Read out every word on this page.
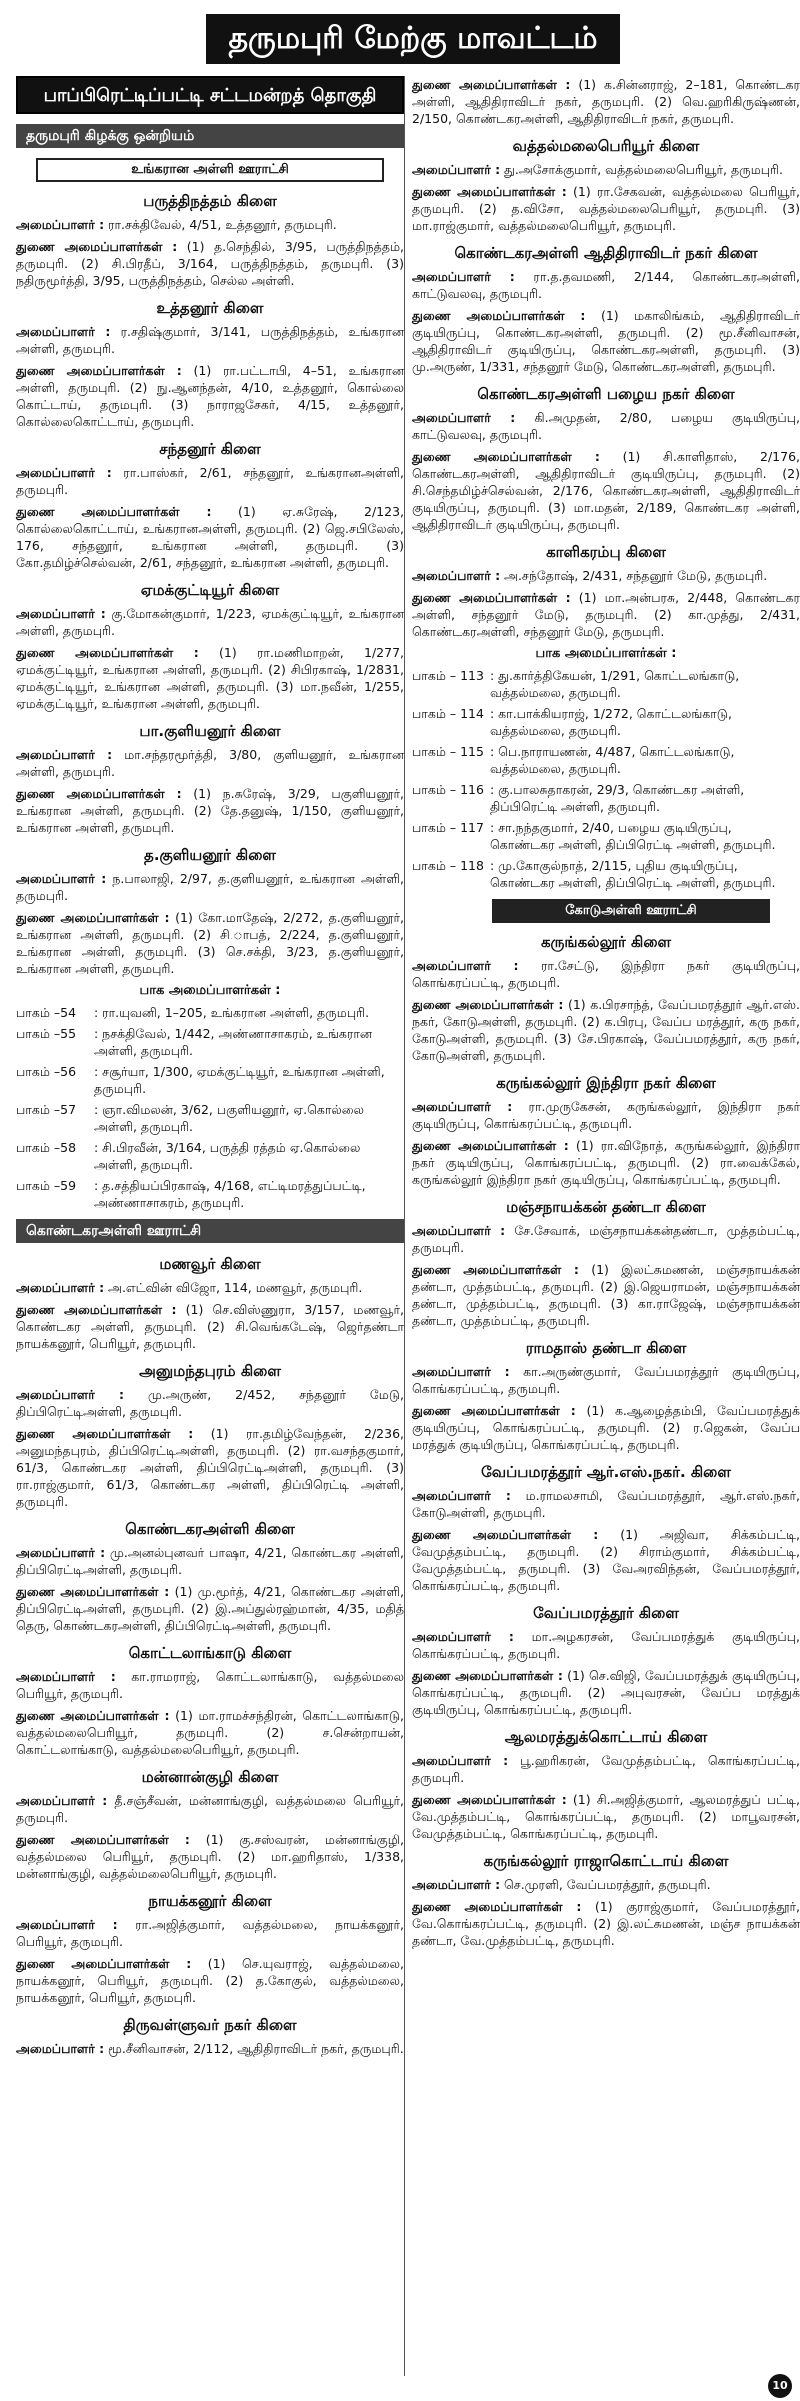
தருமபுரி மேற்கு மாவட்டம்
பாப்பிரெட்டிப்பட்டி சட்டமன்றத் தொகுதி
தருமபுரி கிழக்கு ஒன்றியம்
உங்கரான அள்ளி ஊராட்சி
பருத்திநத்தம் கிளை
அமைப்பாளர் : ரா.சக்திவேல், 4/51, உத்தனூர், தருமபுரி.
துணை அமைப்பாளர்கள் : (1) த.செந்தில், 3/95, பருத்திநத்தம், தருமபுரி. (2) சி.பிரதீப், 3/164, பருத்திநத்தம், தருமபுரி. (3) நதிருமூர்த்தி, 3/95, பருத்திநத்தம், செல்ல அள்ளி.
உத்தனூர் கிளை
அமைப்பாளர் : ர.சதிஷ்குமார், 3/141, பருத்திநத்தம், உங்கரான அள்ளி, தருமபுரி.
துணை அமைப்பாளர்கள் : (1) ரா.பட்டாபி, 4–51, உங்கரான அள்ளி, தருமபுரி. (2) நு.ஆனந்தன், 4/10, உத்தனூர், கொல்லை கொட்டாய், தருமபுரி. (3) நாராஜசேகர், 4/15, உத்தனூர், கொல்லைகொட்டாய், தருமபுரி.
சந்தனூர் கிளை
அமைப்பாளர் : ரா.பாஸ்கர், 2/61, சந்தனூர், உங்கரானஅள்ளி, தருமபுரி.
துணை அமைப்பாளர்கள் : (1) ஏ.சுரேஷ், 2/123, கொல்லைகொட்டாய், உங்கரானஅள்ளி, தருமபுரி. (2) ஜெ.சபிலேஸ், 176, சந்தனூர், உங்கரான அள்ளி, தருமபுரி. (3) கோ.தமிழ்ச்செல்வன், 2/61, சந்தனூர், உங்கரான அள்ளி, தருமபுரி.
ஏமக்குட்டியூர் கிளை
அமைப்பாளர் : கு.மோகன்குமார், 1/223, ஏமக்குட்டியூர், உங்கரான அள்ளி, தருமபுரி.
துணை அமைப்பாளர்கள் : (1) ரா.மணிமாறன், 1/277, ஏமக்குட்டியூர், உங்கரான அள்ளி, தருமபுரி. (2) சிபிரகாஷ், 1/2831, ஏமக்குட்டியூர், உங்கரான அள்ளி, தருமபுரி. (3) மா.நவீன், 1/255, ஏமக்குட்டியூர், உங்கரான அள்ளி, தருமபுரி.
பா.குளியனூர் கிளை
அமைப்பாளர் : மா.சந்தரமூர்த்தி, 3/80, குளியனூர், உங்கரான அள்ளி, தருமபுரி.
துணை அமைப்பாளர்கள் : (1) ந.சுரேஷ், 3/29, பகுளியனூர், உங்கரான அள்ளி, தருமபுரி. (2) தே.தனுஷ், 1/150, குளியனூர், உங்கரான அள்ளி, தருமபுரி.
த.குளியனூர் கிளை
அமைப்பாளர் : ந.பாலாஜி, 2/97, த.குளியனூர், உங்கரான அள்ளி, தருமபுரி.
துணை அமைப்பாளர்கள் : (1) கோ.மாதேஷ், 2/272, த.குளியனூர், உங்கரான அள்ளி, தருமபுரி. (2) சி.ாபத், 2/224, த.குளியனூர், உங்கரான அள்ளி, தருமபுரி. (3) செ.சக்தி, 3/23, த.குளியனூர், உங்கரான அள்ளி, தருமபுரி.
பாக அமைப்பாளர்கள் :
பாகம் –54	: ரா.யுவனி, 1–205, உங்கரான அள்ளி, தருமபுரி.
பாகம் –55	: நசக்திவேல், 1/442, அண்ணாசாகரம், உங்கரான அள்ளி, தருமபுரி.
பாகம் –56	: சசூர்யா, 1/300, ஏமக்குட்டியூர், உங்கரான அள்ளி, தருமபுரி.
பாகம் –57	: ஞா.விமலன், 3/62, பகுளியனூர், ஏ.கொல்லை அள்ளி, தருமபுரி.
பாகம் –58	: சி.பிரவீன், 3/164, பருத்தி ரத்தம் ஏ.கொல்லை அள்ளி, தருமபுரி.
பாகம் –59	: த.சத்தியப்பிரகாஷ், 4/168, எட்டிமரத்துப்பட்டி, அண்ணாசாகரம், தருமபுரி.
கொண்டகரஅள்ளி ஊராட்சி
மணவூர் கிளை
அமைப்பாளர் : அ.எட்வின் விஜோ, 114, மணவூர், தருமபுரி.
துணை அமைப்பாளர்கள் : (1) செ.விஸ்ணுரா, 3/157, மணவூர், கொண்டகர அள்ளி, தருமபுரி. (2) சி.வெங்கடேஷ், ஜெர்தண்டா நாயக்கனூர், பெரியூர், தருமபுரி.
அனுமந்தபுரம் கிளை
அமைப்பாளர் : மு.அருண், 2/452, சந்தனூர் மேடு, திப்பிரெட்டிஅள்ளி, தருமபுரி.
துணை அமைப்பாளர்கள் : (1) ரா.தமிழ்வேந்தன், 2/236, அனுமந்தபுரம், திப்பிரெட்டிஅள்ளி, தருமபுரி. (2) ரா.வசந்தகுமார், 61/3, கொண்டகர அள்ளி, திப்பிரெட்டிஅள்ளி, தருமபுரி. (3) ரா.ராஜ்குமார், 61/3, கொண்டகர அள்ளி, திப்பிரெட்டி அள்ளி, தருமபுரி.
கொண்டகரஅள்ளி கிளை
அமைப்பாளர் : மு.அனல்புனவர் பாஷா, 4/21, கொண்டகர அள்ளி, திப்பிரெட்டிஅள்ளி, தருமபுரி.
துணை அமைப்பாளர்கள் : (1) மு.மூர்த், 4/21, கொண்டகர அள்ளி, திப்பிரெட்டிஅள்ளி, தருமபுரி. (2) இ.அப்துல்ரஹ்மான், 4/35, மதித் தெரு, கொண்டகரஅள்ளி, திப்பிரெட்டிஅள்ளி, தருமபுரி.
கொட்டலாங்காடு கிளை
அமைப்பாளர் : கா.ராமராஜ், கொட்டலாங்காடு, வத்தல்மலை பெரியூர், தருமபுரி.
துணை அமைப்பாளர்கள் : (1) மா.ராமச்சந்திரன், கொட்டலாங்காடு, வத்தல்மலைபெரியூர், தருமபுரி. (2) ச.சென்றாயன், கொட்டலாங்காடு, வத்தல்மலைபெரியூர், தருமபுரி.
மன்னான்குழி கிளை
அமைப்பாளர் : தீ.சஞ்சீவன், மன்னாங்குழி, வத்தல்மலை பெரியூர், தருமபுரி.
துணை அமைப்பாளர்கள் : (1) கு.சஸ்வரன், மன்னாங்குழி, வத்தல்மலை பெரியூர், தருமபுரி. (2) மா.ஹரிதாஸ், 1/338, மன்னாங்குழி, வத்தல்மலைபெரியூர், தருமபுரி.
நாயக்கனூர் கிளை
அமைப்பாளர் : ரா.அஜித்குமார், வத்தல்மலை, நாயக்கனூர், பெரியூர், தருமபுரி.
துணை அமைப்பாளர்கள் : (1) செ.யுவராஜ், வத்தல்மலை, நாயக்கனூர், பெரியூர், தருமபுரி. (2) த.கோகுல், வத்தல்மலை, நாயக்கனூர், பெரியூர், தருமபுரி.
திருவள்ளுவர் நகர் கிளை
அமைப்பாளர் : மூ.சீனிவாசன், 2/112, ஆதிதிராவிடர் நகர், தருமபுரி.
துணை அமைப்பாளர்கள் : (1) க.சின்னராஜ், 2–181, கொண்டகர அள்ளி, ஆதிதிராவிடர் நகர், தருமபுரி. (2) வெ.ஹரிகிருஷ்ணன், 2/150, கொண்டகரஅள்ளி, ஆதிதிராவிடர் நகர், தருமபுரி.
வத்தல்மலைபெரியூர் கிளை
அமைப்பாளர் : து.அசோக்குமார், வத்தல்மலைபெரியூர், தருமபுரி.
துணை அமைப்பாளர்கள் : (1) ரா.சேகவன், வத்தல்மலை பெரியூர், தருமபுரி. (2) த.விசோ, வத்தல்மலைபெரியூர், தருமபுரி. (3) மா.ராஜ்குமார், வத்தல்மலைபெரியூர், தருமபுரி.
கொண்டகரஅள்ளி ஆதிதிராவிடர் நகர் கிளை
அமைப்பாளர் : ரா.த.தவமணி, 2/144, கொண்டகரஅள்ளி, காட்டுவலவு, தருமபுரி.
துணை அமைப்பாளர்கள் : (1) மகாலிங்கம், ஆதிதிராவிடர் குடியிருப்பு, கொண்டகரஅள்ளி, தருமபுரி. (2) மூ.சீனிவாசன், ஆதிதிராவிடர் குடியிருப்பு, கொண்டகரஅள்ளி, தருமபுரி. (3) மு.அருண், 1/331, சந்தனூர் மேடு, கொண்டகரஅள்ளி, தருமபுரி.
கொண்டகரஅள்ளி பழைய நகர் கிளை
அமைப்பாளர் : கி.அமுதன், 2/80, பழைய குடியிருப்பு, காட்டுவலவு, தருமபுரி.
துணை அமைப்பாளர்கள் : (1) சி.காளிதாஸ், 2/176, கொண்டகரஅள்ளி, ஆதிதிராவிடர் குடியிருப்பு, தருமபுரி. (2) சி.செந்தமிழ்ச்செல்வன், 2/176, கொண்டகரஅள்ளி, ஆதிதிராவிடர் குடியிருப்பு, தருமபுரி. (3) மா.மதன், 2/189, கொண்டகர அள்ளி, ஆதிதிராவிடர் குடியிருப்பு, தருமபுரி.
காளிகரம்பு கிளை
அமைப்பாளர் : அ.சந்தோஷ், 2/431, சந்தனூர் மேடு, தருமபுரி.
துணை அமைப்பாளர்கள் : (1) மா.அன்பரசு, 2/448, கொண்டகர அள்ளி, சந்தனூர் மேடு, தருமபுரி. (2) கா.முத்து, 2/431, கொண்டகரஅள்ளி, சந்தனூர் மேடு, தருமபுரி.
பாக அமைப்பாளர்கள் :
பாகம் – 113 : து.கார்த்திகேயன், 1/291, கொட்டலங்காடு, வத்தல்மலை, தருமபுரி.
பாகம் – 114 : கா.பாக்கியராஜ், 1/272, கொட்டலங்காடு, வத்தல்மலை, தருமபுரி.
பாகம் – 115 : பெ.நாராயணன், 4/487, கொட்டலங்காடு, வத்தல்மலை, தருமபுரி.
பாகம் – 116 : கு.பாலசுதாகரன், 29/3, கொண்டகர அள்ளி, திப்பிரெட்டி அள்ளி, தருமபுரி.
பாகம் – 117 : சா.நந்தகுமார், 2/40, பழைய குடியிருப்பு, கொண்டகர அள்ளி, திப்பிரெட்டி அள்ளி, தருமபுரி.
பாகம் – 118 : மு.கோகுல்நாத், 2/115, புதிய குடியிருப்பு, கொண்டகர அள்ளி, திப்பிரெட்டி அள்ளி, தருமபுரி.
கோடுஅள்ளி ஊராட்சி
கருங்கல்லூர் கிளை
அமைப்பாளர் : ரா.சேட்டு, இந்திரா நகர் குடியிருப்பு, கொங்கரப்பட்டி, தருமபுரி.
துணை அமைப்பாளர்கள் : (1) க.பிரசாந்த், வேப்பமரத்தூர் ஆர்.எஸ். நகர், கோடுஅள்ளி, தருமபுரி. (2) க.பிரபு, வேப்ப மரத்தூர், கரு நகர், கோடுஅள்ளி, தருமபுரி. (3) சே.பிரகாஷ், வேப்பமரத்தூர், கரு நகர், கோடுஅள்ளி, தருமபுரி.
கருங்கல்லூர் இந்திரா நகர் கிளை
அமைப்பாளர் : ரா.முருகேசன், கருங்கல்லூர், இந்திரா நகர் குடியிருப்பு, கொங்கரப்பட்டி, தருமபுரி.
துணை அமைப்பாளர்கள் : (1) ரா.விநோத், கருங்கல்லூர், இந்திரா நகர் குடியிருப்பு, கொங்கரப்பட்டி, தருமபுரி. (2) ரா.வைக்கேல், கருங்கல்லூர் இந்திரா நகர் குடியிருப்பு, கொங்கரப்பட்டி, தருமபுரி.
மஞ்சநாயக்கன் தண்டா கிளை
அமைப்பாளர் : சே.சேவாக், மஞ்சநாயக்கன்தண்டா, முத்தம்பட்டி, தருமபுரி.
துணை அமைப்பாளர்கள் : (1) இலட்சுமணன், மஞ்சநாயக்கன் தண்டா, முத்தம்பட்டி, தருமபுரி. (2) இ.ஜெயராமன், மஞ்சநாயக்கன் தண்டா, முத்தம்பட்டி, தருமபுரி. (3) கா.ராஜேஷ், மஞ்சநாயக்கன் தண்டா, முத்தம்பட்டி, தருமபுரி.
ராமதாஸ் தண்டா கிளை
அமைப்பாளர் : கா.அருண்குமார், வேப்பமரத்தூர் குடியிருப்பு, கொங்கரப்பட்டி, தருமபுரி.
துணை அமைப்பாளர்கள் : (1) க.ஆழைத்தம்பி, வேப்பமரத்துக் குடியிருப்பு, கொங்கரப்பட்டி, தருமபுரி. (2) ர.ஜெகன், வேப்ப மரத்துக் குடியிருப்பு, கொங்கரப்பட்டி, தருமபுரி.
வேப்பமரத்தூர் ஆர்.எஸ்.நகர். கிளை
அமைப்பாளர் : ம.ராமலசாமி, வேப்பமரத்தூர், ஆர்.எஸ்.நகர், கோடுஅள்ளி, தருமபுரி.
துணை அமைப்பாளர்கள் : (1) அஜிவா, சிக்கம்பட்டி, வேமுத்தம்பட்டி, தருமபுரி. (2) சிராம்குமார், சிக்கம்பட்டி, வேமுத்தம்பட்டி, தருமபுரி. (3) வேஅரவிந்தன், வேப்பமரத்தூர், கொங்கரப்பட்டி, தருமபுரி.
வேப்பமரத்தூர் கிளை
அமைப்பாளர் : மா.அழகரசன், வேப்பமரத்துக் குடியிருப்பு, கொங்கரப்பட்டி, தருமபுரி.
துணை அமைப்பாளர்கள் : (1) செ.விஜி, வேப்பமரத்துக் குடியிருப்பு, கொங்கரப்பட்டி, தருமபுரி. (2) அபுவரசன், வேப்ப மரத்துக் குடியிருப்பு, கொங்கரப்பட்டி, தருமபுரி.
ஆலமரத்துக்கொட்டாய் கிளை
அமைப்பாளர் : பூ.ஹரிகரன், வேமுத்தம்பட்டி, கொங்கரப்பட்டி, தருமபுரி.
துணை அமைப்பாளர்கள் : (1) சி.அஜித்குமார், ஆலமரத்துப் பட்டி, வே.முத்தம்பட்டி, கொங்கரப்பட்டி, தருமபுரி. (2) மாபூவரசன், வேமுத்தம்பட்டி, கொங்கரப்பட்டி, தருமபுரி.
கருங்கல்லூர் ராஜாகொட்டாய் கிளை
அமைப்பாளர் : செ.முரளி, வேப்பமரத்தூர், தருமபுரி.
துணை அமைப்பாளர்கள் : (1) குராஜ்குமார், வேப்பமரத்தூர், வே.கொங்கரப்பட்டி, தருமபுரி. (2) இ.லட்சுமணன், மஞ்ச நாயக்கன் தண்டா, வே.முத்தம்பட்டி, தருமபுரி.
10
